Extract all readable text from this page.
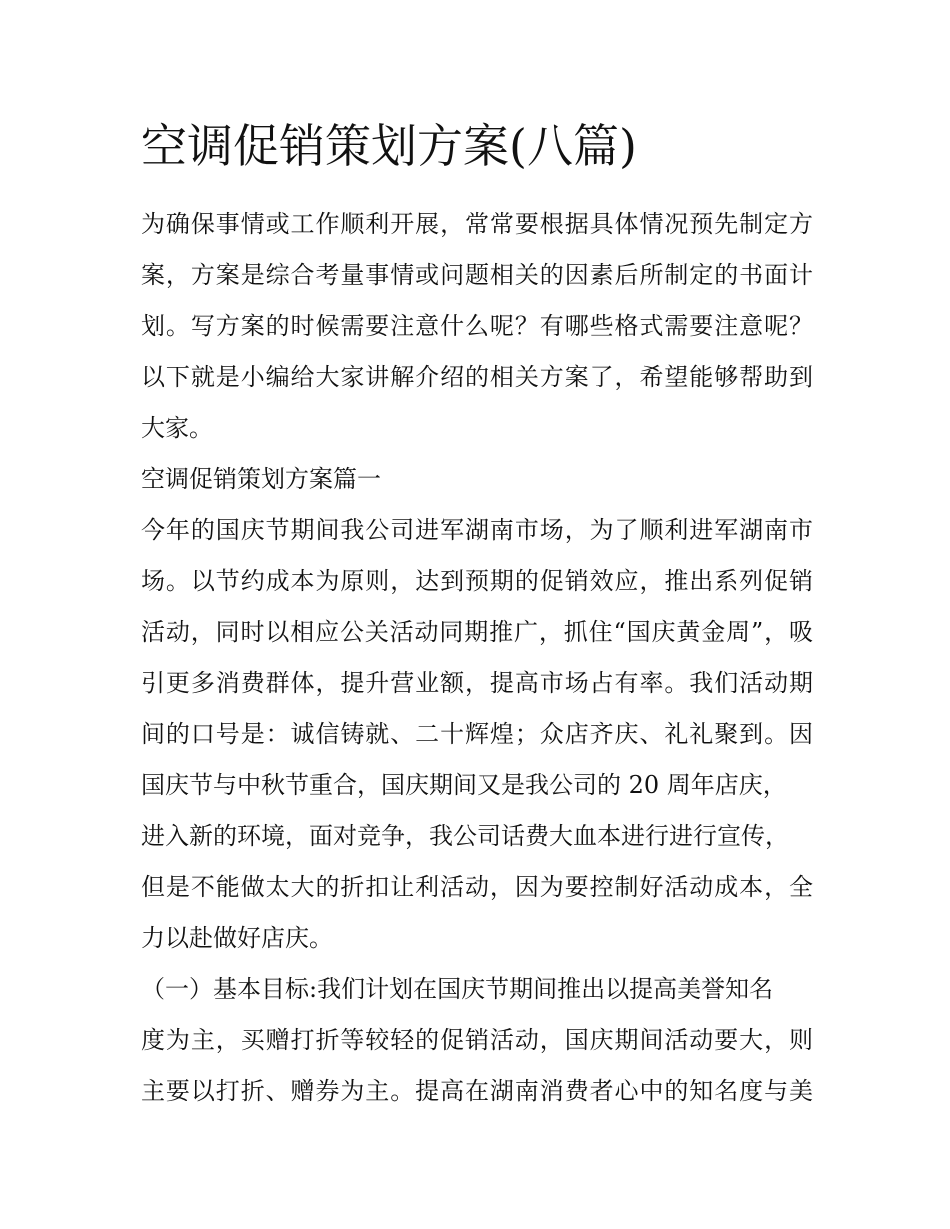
空调促销策划方案(八篇)
为确保事情或工作顺利开展，常常要根据具体情况预先制定方
案，方案是综合考量事情或问题相关的因素后所制定的书面计
划。写方案的时候需要注意什么呢？有哪些格式需要注意呢？
以下就是小编给大家讲解介绍的相关方案了，希望能够帮助到
大家。
空调促销策划方案篇一
今年的国庆节期间我公司进军湖南市场，为了顺利进军湖南市
场。以节约成本为原则，达到预期的促销效应，推出系列促销
活动，同时以相应公关活动同期推广，抓住“国庆黄金周”，吸
引更多消费群体，提升营业额，提高市场占有率。我们活动期
间的口号是：诚信铸就、二十辉煌；众店齐庆、礼礼聚到。因
国庆节与中秋节重合，国庆期间又是我公司的 20 周年店庆，
进入新的环境，面对竞争，我公司话费大血本进行进行宣传，
但是不能做太大的折扣让利活动，因为要控制好活动成本，全
力以赴做好店庆。
（一）基本目标:我们计划在国庆节期间推出以提高美誉知名
度为主，买赠打折等较轻的促销活动，国庆期间活动要大，则
主要以打折、赠券为主。提高在湖南消费者心中的知名度与美
